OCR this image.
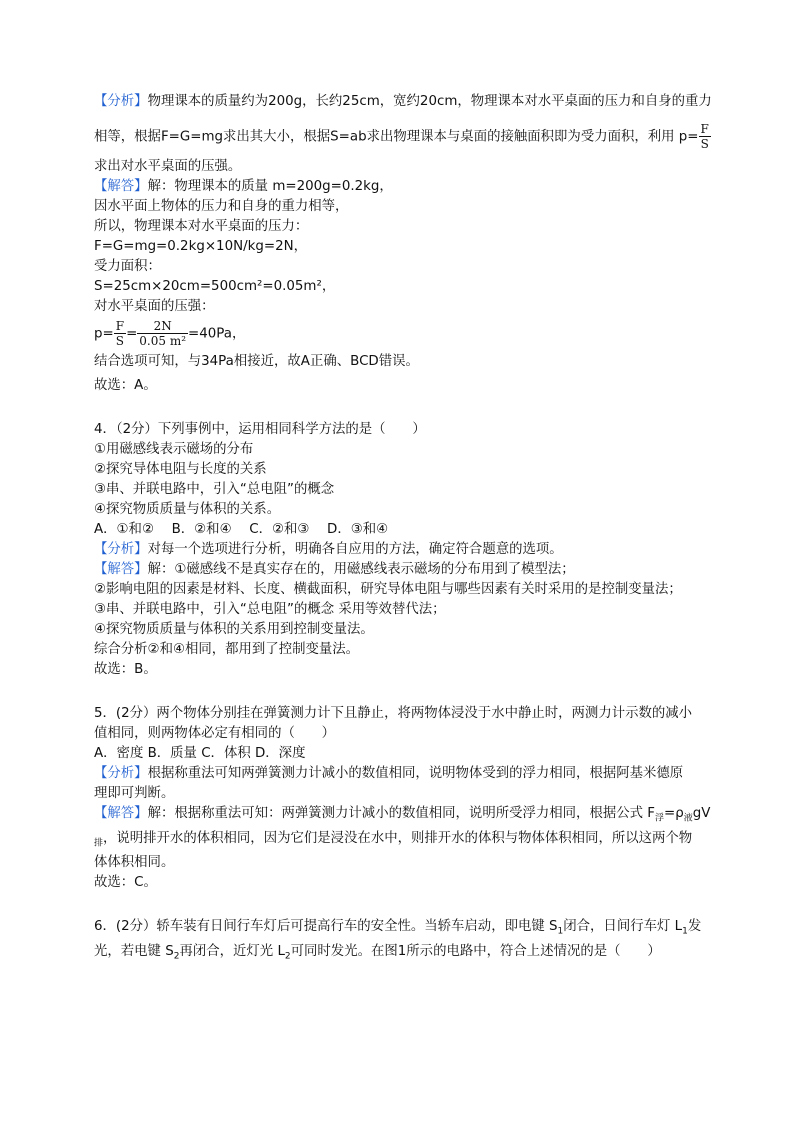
【分析】物理课本的质量约为200g，长约25cm，宽约20cm，物理课本对水平桌面的压力和自身的重力
相等，根据F=G=mg求出其大小，根据S=ab求出物理课本与桌面的接触面积即为受力面积，利用 $p= \frac{F}{S}$
求出对水平桌面的压强。
【解答】解：物理课本的质量 m=200g=0.2kg，
因水平面上物体的压力和自身的重力相等，
所以，物理课本对水平桌面的压力：
F=G=mg=0.2kg×10N/kg=2N，
受力面积：
S=25cm×20cm=500cm²=0.05m²，
对水平桌面的压强：
$p= \frac{F}{S} = \frac{2N}{\text{0.05 m²}} =40Pa$，
结合选项可知，与34Pa相接近，故A正确、BCD错误。
故选：A。
4．（2分）下列事例中，运用相同科学方法的是（　　）
①用磁感线表示磁场的分布
②探究导体电阻与长度的关系
③串、并联电路中，引入“总电阻”的概念
④探究物质质量与体积的关系。
A．①和②　 B．②和④　 C．②和③　 D．③和④
【分析】对每一个选项进行分析，明确各自应用的方法，确定符合题意的选项。
【解答】解：①磁感线不是真实存在的，用磁感线表示磁场的分布用到了模型法；
②影响电阻的因素是材料、长度、横截面积，研究导体电阻与哪些因素有关时采用的是控制变量法；
③串、并联电路中，引入“总电阻”的概念 采用等效替代法；
④探究物质质量与体积的关系用到控制变量法。
综合分析②和④相同，都用到了控制变量法。
故选：B。
5．(2分）两个物体分别挂在弹簧测力计下且静止，将两物体浸没于水中静止时，两测力计示数的减小
值相同，则两物体必定有相同的（　　）
A．密度 B．质量 C．体积 D．深度
【分析】根据称重法可知两弹簧测力计减小的数值相同，说明物体受到的浮力相同，根据阿基米德原
理即可判断。
【解答】解：根据称重法可知：两弹簧测力计减小的数值相同，说明所受浮力相同，根据公式 $F_浮=\rho_液gV$
$_排$，说明排开水的体积相同，因为它们是浸没在水中，则排开水的体积与物体体积相同，所以这两个物
体体积相同。
故选：C。
6．(2分）轿车装有日间行车灯后可提高行车的安全性。当轿车启动，即电键 $S_1$闭合，日间行车灯 $L_1$发
光，若电键 $S_2$再闭合，近灯光 $L_2$可同时发光。在图1所示的电路中，符合上述情况的是（　　）
